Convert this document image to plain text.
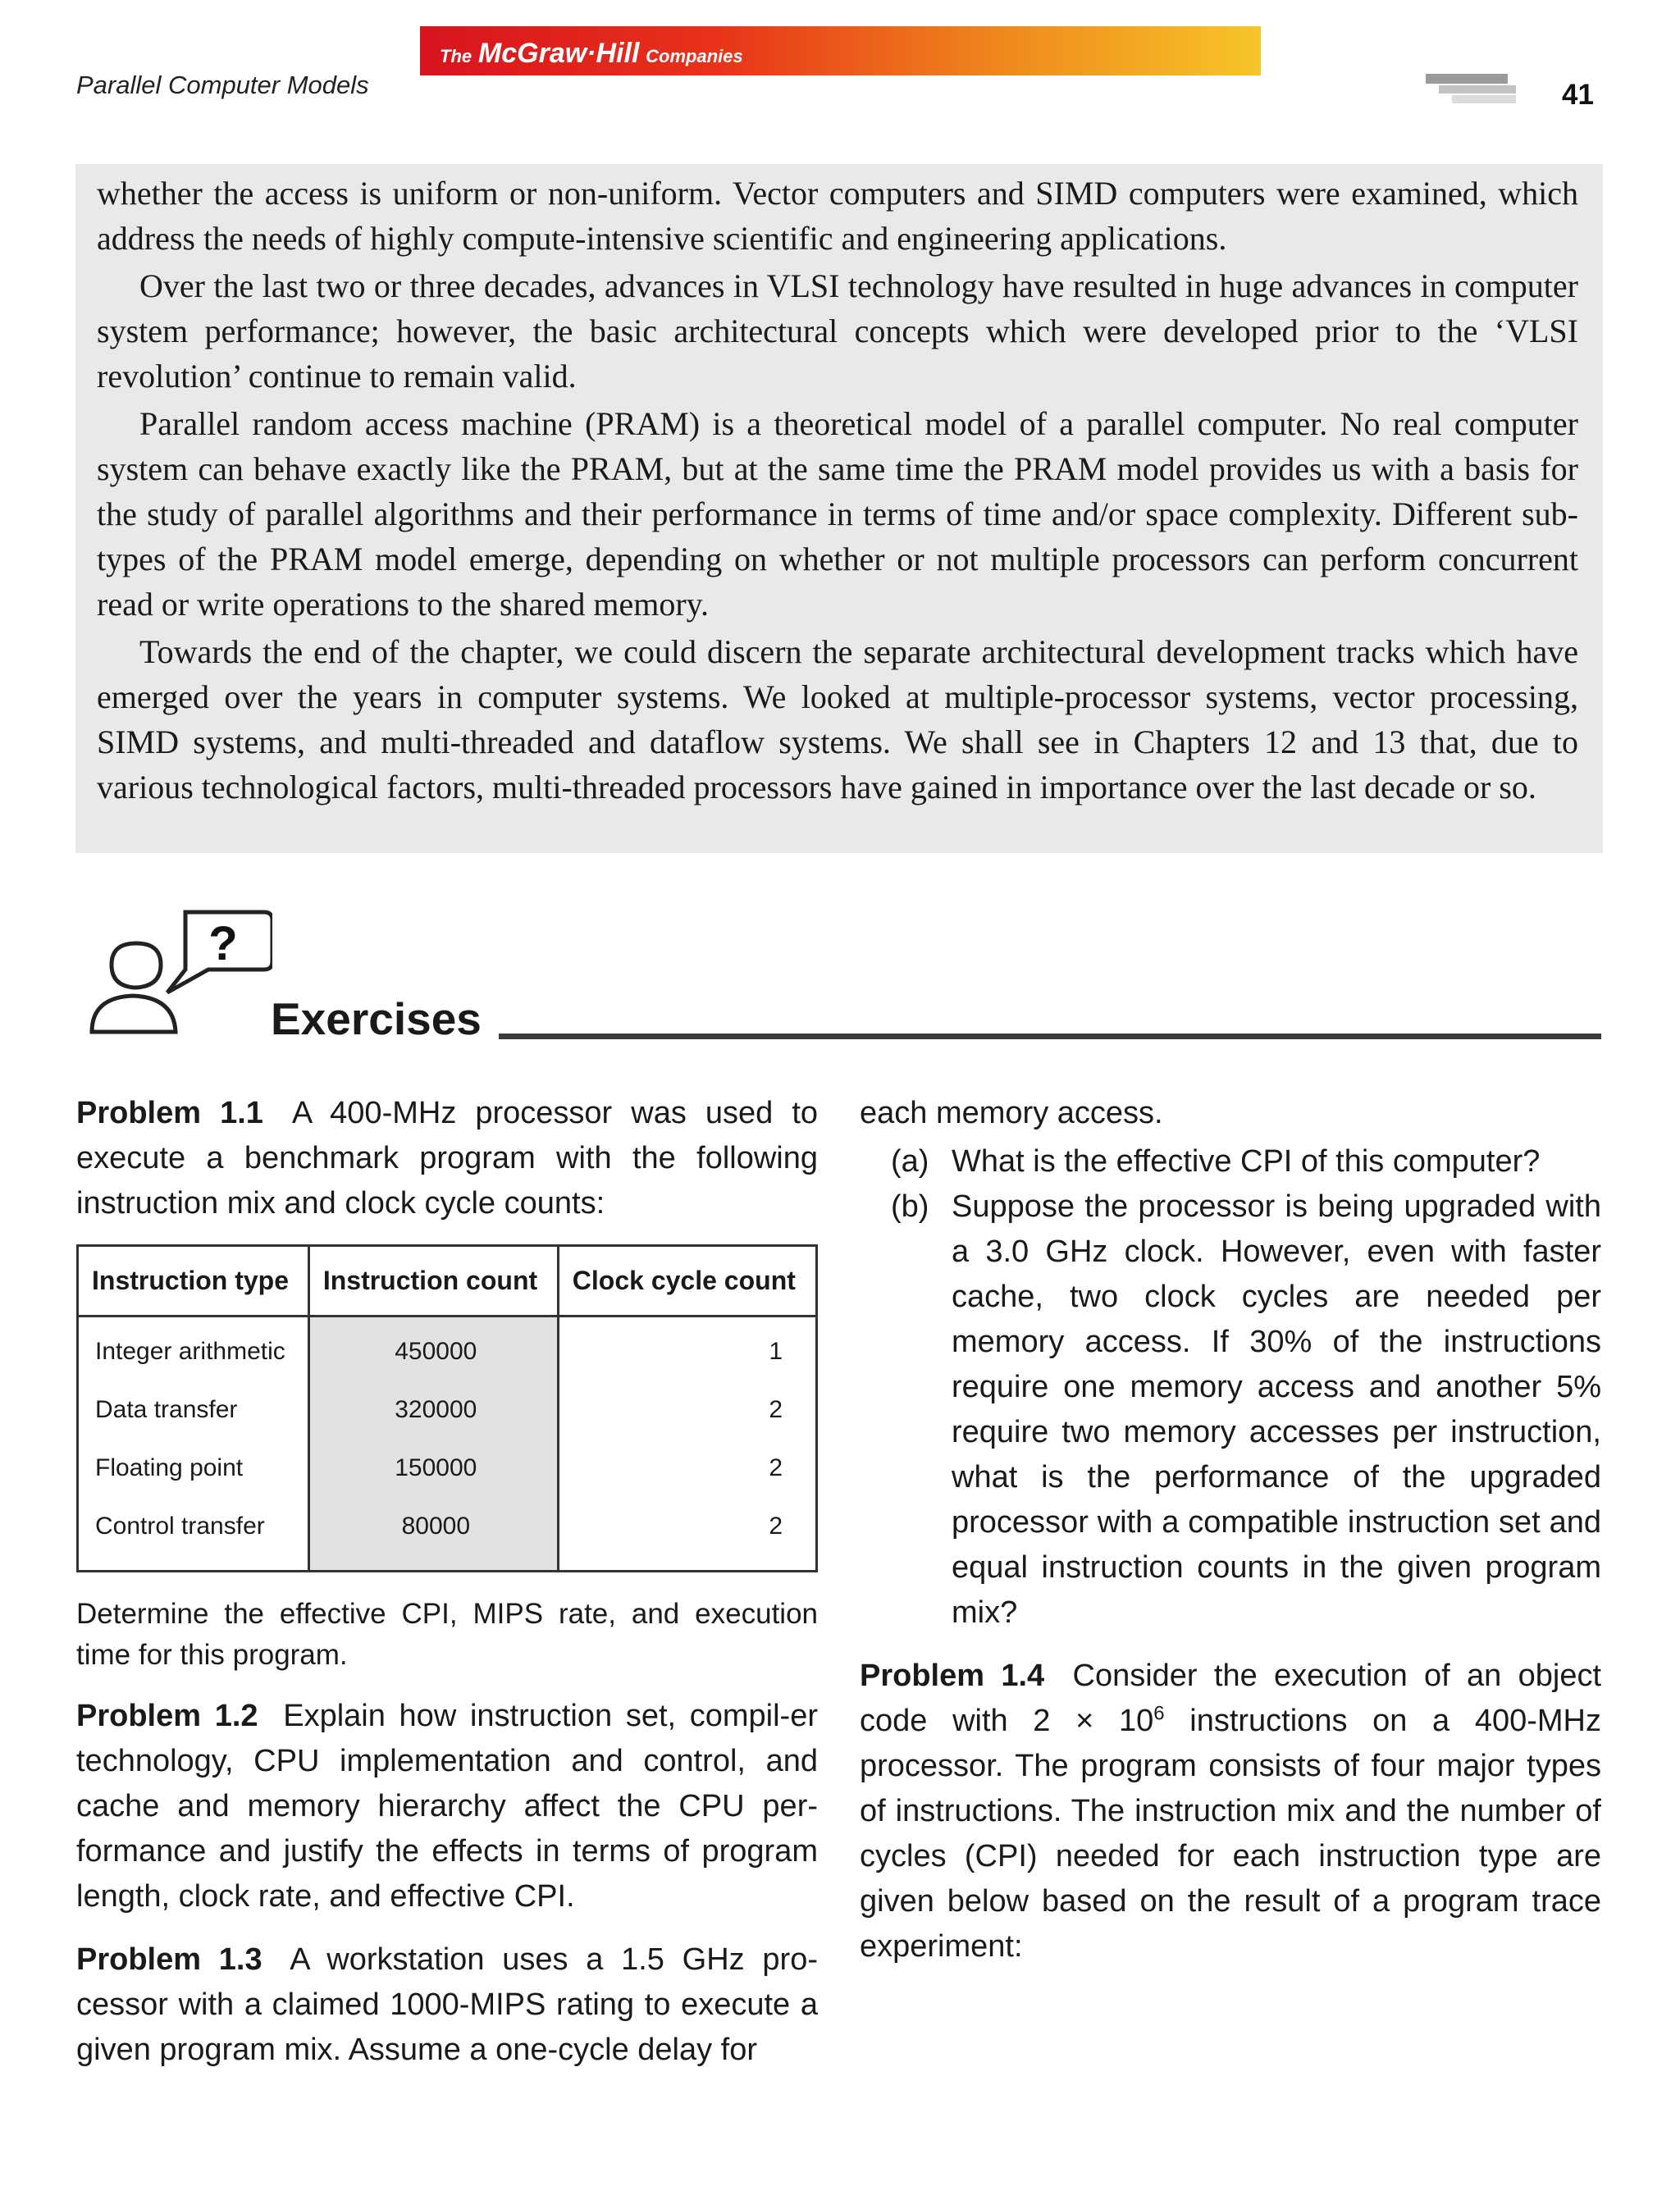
The McGraw·Hill Companies
Parallel Computer Models	41

whether the access is uniform or non-uniform. Vector computers and SIMD computers were examined, which address the needs of highly compute-intensive scientific and engineering applications.

Over the last two or three decades, advances in VLSI technology have resulted in huge advances in computer system performance; however, the basic architectural concepts which were developed prior to the ‘VLSI revolution’ continue to remain valid.

Parallel random access machine (PRAM) is a theoretical model of a parallel computer. No real computer system can behave exactly like the PRAM, but at the same time the PRAM model provides us with a basis for the study of parallel algorithms and their performance in terms of time and/or space complexity. Different sub-types of the PRAM model emerge, depending on whether or not multiple processors can perform concurrent read or write operations to the shared memory.

Towards the end of the chapter, we could discern the separate architectural development tracks which have emerged over the years in computer systems. We looked at multiple-processor systems, vector processing, SIMD systems, and multi-threaded and dataflow systems. We shall see in Chapters 12 and 13 that, due to various technological factors, multi-threaded processors have gained in importance over the last decade or so.

?
Exercises
Problem 1.1 A 400-MHz processor was used to execute a benchmark program with the following instruction mix and clock cycle counts:
Instruction type	Instruction count	Clock cycle count
Integer arithmetic	450000	1
Data transfer	320000	2
Floating point	150000	2
Control transfer	80000	2
Determine the effective CPI, MIPS rate, and execution time for this program.
Problem 1.2 Explain how instruction set, compil-er technology, CPU implementation and control, and cache and memory hierarchy affect the CPU per-formance and justify the effects in terms of program length, clock rate, and effective CPI.
Problem 1.3 A workstation uses a 1.5 GHz pro-cessor with a claimed 1000-MIPS rating to execute a given program mix. Assume a one-cycle delay for
each memory access.
(a) What is the effective CPI of this computer?
(b) Suppose the processor is being upgraded with a 3.0 GHz clock. However, even with faster cache, two clock cycles are needed per memory access. If 30% of the instructions require one memory access and another 5% require two memory accesses per instruction, what is the performance of the upgraded processor with a compatible instruction set and equal instruction counts in the given program mix?
Problem 1.4 Consider the execution of an object code with $2 \times 10^6$ instructions on a 400-MHz processor. The program consists of four major types of instructions. The instruction mix and the number of cycles (CPI) needed for each instruction type are given below based on the result of a program trace experiment:
